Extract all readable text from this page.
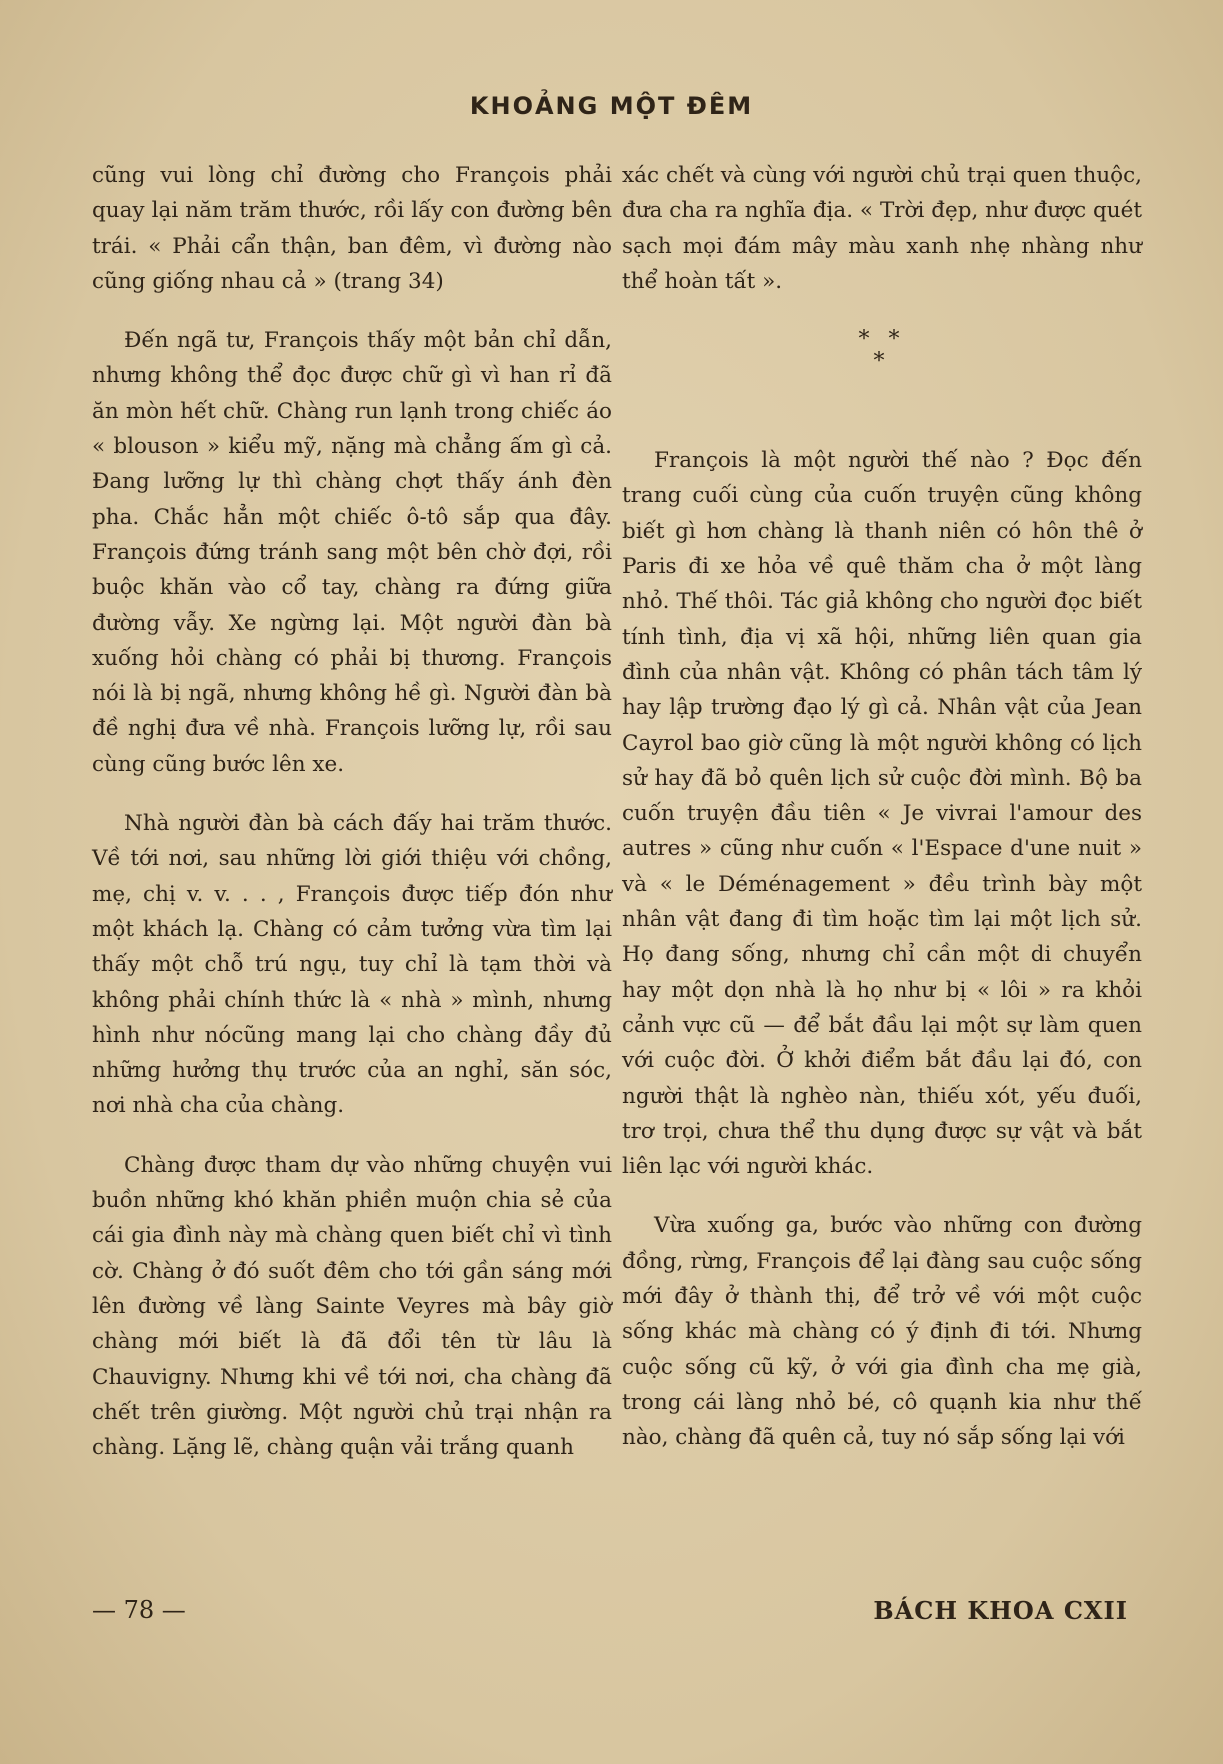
KHOẢNG MỘT ĐÊM

cũng vui lòng chỉ đường cho François phải quay lại năm trăm thước, rồi lấy con đường bên trái. « Phải cẩn thận, ban đêm, vì đường nào cũng giống nhau cả » (trang 34)

Đến ngã tư, François thấy một bản chỉ dẫn, nhưng không thể đọc được chữ gì vì han rỉ đã ăn mòn hết chữ. Chàng run lạnh trong chiếc áo « blouson » kiểu mỹ, nặng mà chẳng ấm gì cả. Đang lưỡng lự thì chàng chợt thấy ánh đèn pha. Chắc hẳn một chiếc ô-tô sắp qua đây. François đứng tránh sang một bên chờ đợi, rồi buộc khăn vào cổ tay, chàng ra đứng giữa đường vẫy. Xe ngừng lại. Một người đàn bà xuống hỏi chàng có phải bị thương. François nói là bị ngã, nhưng không hề gì. Người đàn bà đề nghị đưa về nhà. François lưỡng lự, rồi sau cùng cũng bước lên xe.

Nhà người đàn bà cách đấy hai trăm thước. Về tới nơi, sau những lời giới thiệu với chồng, mẹ, chị v. v. . . , François được tiếp đón như một khách lạ. Chàng có cảm tưởng vừa tìm lại thấy một chỗ trú ngụ, tuy chỉ là tạm thời và không phải chính thức là « nhà » mình, nhưng hình như nócũng mang lại cho chàng đầy đủ những hưởng thụ trước của an nghỉ, săn sóc, nơi nhà cha của chàng.

Chàng được tham dự vào những chuyện vui buồn những khó khăn phiền muộn chia sẻ của cái gia đình này mà chàng quen biết chỉ vì tình cờ. Chàng ở đó suốt đêm cho tới gần sáng mới lên đường về làng Sainte Veyres mà bây giờ chàng mới biết là đã đổi tên từ lâu là Chauvigny. Nhưng khi về tới nơi, cha chàng đã chết trên giường. Một người chủ trại nhận ra chàng. Lặng lẽ, chàng quận vải trắng quanh

xác chết và cùng với người chủ trại quen thuộc, đưa cha ra nghĩa địa. « Trời đẹp, như được quét sạch mọi đám mây màu xanh nhẹ nhàng như thể hoàn tất ».

* *
*

François là một người thế nào ? Đọc đến trang cuối cùng của cuốn truyện cũng không biết gì hơn chàng là thanh niên có hôn thê ở Paris đi xe hỏa về quê thăm cha ở một làng nhỏ. Thế thôi. Tác giả không cho người đọc biết tính tình, địa vị xã hội, những liên quan gia đình của nhân vật. Không có phân tách tâm lý hay lập trường đạo lý gì cả. Nhân vật của Jean Cayrol bao giờ cũng là một người không có lịch sử hay đã bỏ quên lịch sử cuộc đời mình. Bộ ba cuốn truyện đầu tiên « Je vivrai l'amour des autres » cũng như cuốn « l'Espace d'une nuit » và « le Déménagement » đều trình bày một nhân vật đang đi tìm hoặc tìm lại một lịch sử. Họ đang sống, nhưng chỉ cần một di chuyển hay một dọn nhà là họ như bị « lôi » ra khỏi cảnh vực cũ — để bắt đầu lại một sự làm quen với cuộc đời. Ở khởi điểm bắt đầu lại đó, con người thật là nghèo nàn, thiếu xót, yếu đuối, trơ trọi, chưa thể thu dụng được sự vật và bắt liên lạc với người khác.

Vừa xuống ga, bước vào những con đường đồng, rừng, François để lại đàng sau cuộc sống mới đây ở thành thị, để trở về với một cuộc sống khác mà chàng có ý định đi tới. Nhưng cuộc sống cũ kỹ, ở với gia đình cha mẹ già, trong cái làng nhỏ bé, cô quạnh kia như thế nào, chàng đã quên cả, tuy nó sắp sống lại với

— 78 —	BÁCH KHOA CXII
